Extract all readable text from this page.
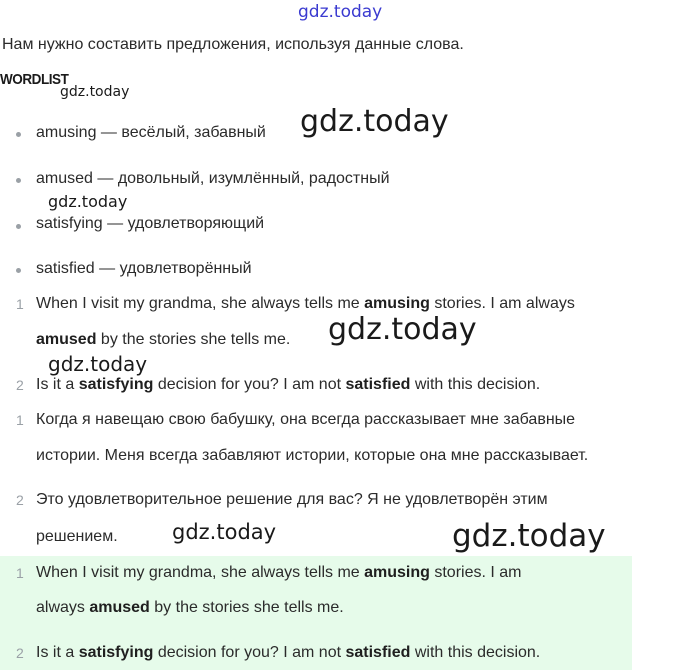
gdz.today
Нам нужно составить предложения, используя данные слова.
WORDLIST
gdz.today
amusing — весёлый, забавный
amused — довольный, изумлённый, радостный
satisfying — удовлетворяющий
satisfied — удовлетворённый
gdz.today
gdz.today
1 When I visit my grandma, she always tells me amusing stories. I am always
amused by the stories she tells me.
2 Is it a satisfying decision for you? I am not satisfied with this decision.
gdz.today
gdz.today
1 Когда я навещаю свою бабушку, она всегда рассказывает мне забавные
истории. Меня всегда забавляют истории, которые она мне рассказывает.
2 Это удовлетворительное решение для вас? Я не удовлетворён этим
решением.	gdz.today	gdz.today
1 When I visit my grandma, she always tells me amusing stories. I am
always amused by the stories she tells me.
2 Is it a satisfying decision for you? I am not satisfied with this decision.
